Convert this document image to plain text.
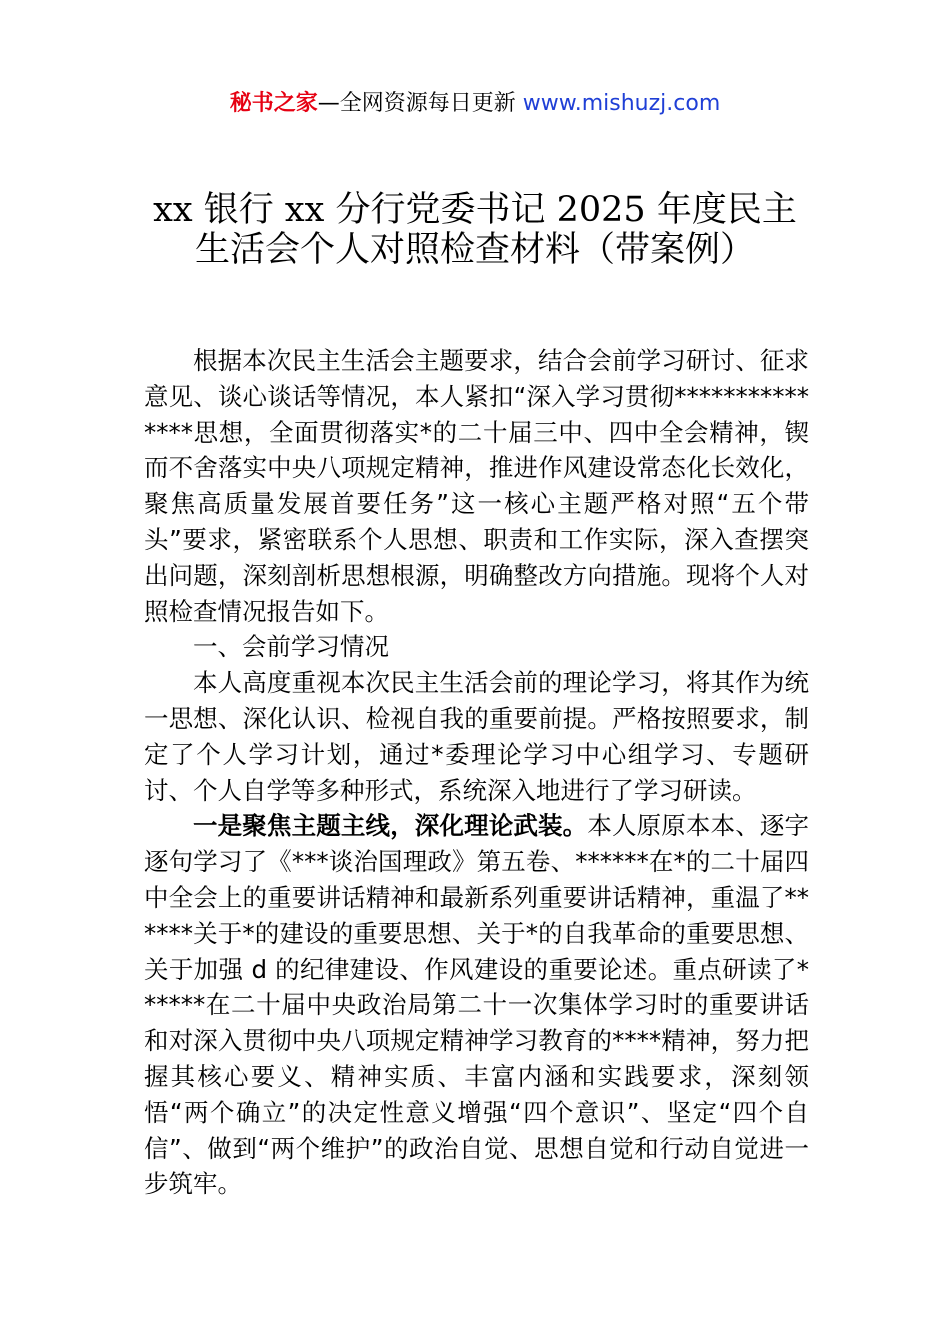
秘书之家—全网资源每日更新 www.mishuzj.com
xx 银行 xx 分行党委书记 2025 年度民主
生活会个人对照检查材料（带案例）

根据本次民主生活会主题要求，结合会前学习研讨、征求意见、谈心谈话等情况，本人紧扣“深入学习贯彻***************思想，全面贯彻落实*的二十届三中、四中全会精神，锲而不舍落实中央八项规定精神，推进作风建设常态化长效化，聚焦高质量发展首要任务”这一核心主题严格对照“五个带头”要求，紧密联系个人思想、职责和工作实际，深入查摆突出问题，深刻剖析思想根源，明确整改方向措施。现将个人对照检查情况报告如下。

一、会前学习情况

本人高度重视本次民主生活会前的理论学习，将其作为统一思想、深化认识、检视自我的重要前提。严格按照要求，制定了个人学习计划，通过*委理论学习中心组学习、专题研讨、个人自学等多种形式，系统深入地进行了学习研读。

一是聚焦主题主线，深化理论武装。本人原原本本、逐字逐句学习了《***谈治国理政》第五卷、******在*的二十届四中全会上的重要讲话精神和最新系列重要讲话精神，重温了******关于*的建设的重要思想、关于*的自我革命的重要思想、关于加强 d 的纪律建设、作风建设的重要论述。重点研读了******在二十届中央政治局第二十一次集体学习时的重要讲话和对深入贯彻中央八项规定精神学习教育的****精神，努力把握其核心要义、精神实质、丰富内涵和实践要求，深刻领悟“两个确立”的决定性意义增强“四个意识”、坚定“四个自信”、做到“两个维护”的政治自觉、思想自觉和行动自觉进一步筑牢。
